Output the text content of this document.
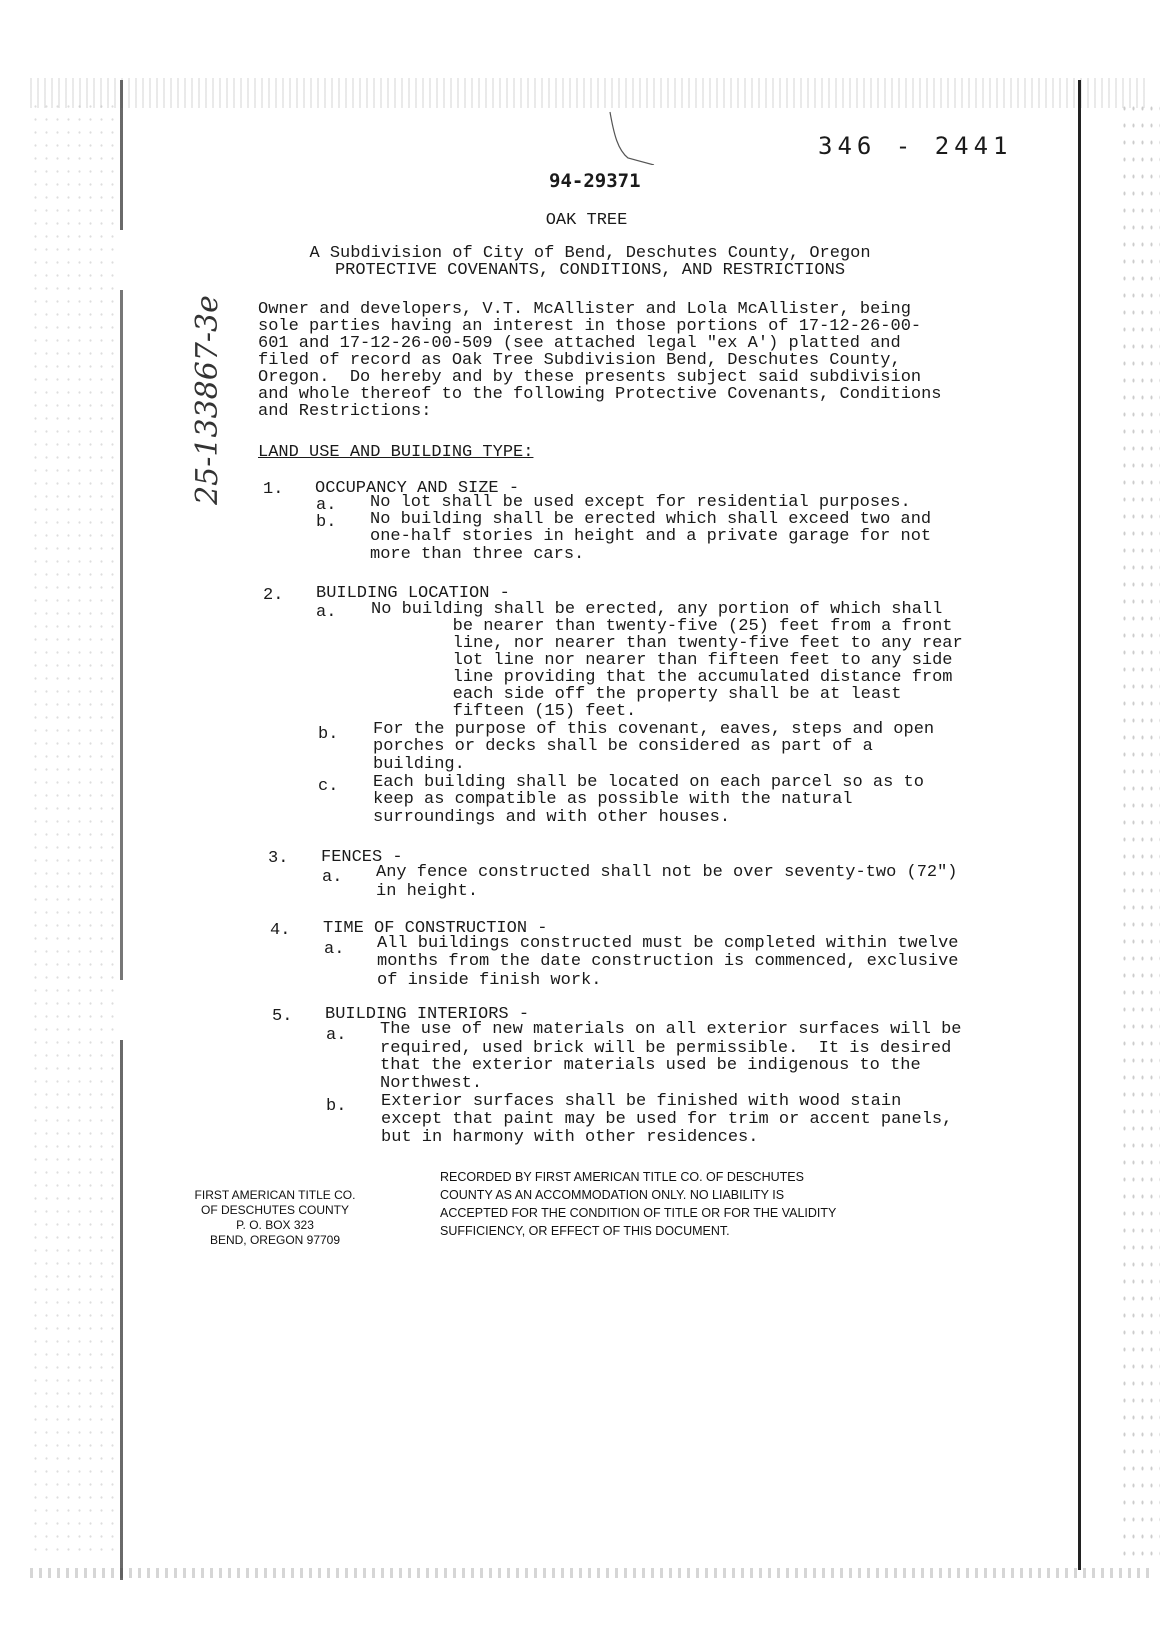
346 - 2441
94-29371
25-133867-3e
OAK TREE
A Subdivision of City of Bend, Deschutes County, Oregon
PROTECTIVE COVENANTS, CONDITIONS, AND RESTRICTIONS
Owner and developers, V.T. McAllister and Lola McAllister, being
sole parties having an interest in those portions of 17-12-26-00-
601 and 17-12-26-00-509 (see attached legal "ex A') platted and
filed of record as Oak Tree Subdivision Bend, Deschutes County,
Oregon.  Do hereby and by these presents subject said subdivision
and whole thereof to the following Protective Covenants, Conditions
and Restrictions:
LAND USE AND BUILDING TYPE:
1. OCCUPANCY AND SIZE -
a. No lot shall be used except for residential purposes.
b. No building shall be erected which shall exceed two and
one-half stories in height and a private garage for not
more than three cars.
2. BUILDING LOCATION -
a. No building shall be erected, any portion of which shall
be nearer than twenty-five (25) feet from a front
line, nor nearer than twenty-five feet to any rear
lot line nor nearer than fifteen feet to any side
line providing that the accumulated distance from
each side off the property shall be at least
fifteen (15) feet.
b. For the purpose of this covenant, eaves, steps and open
porches or decks shall be considered as part of a
building.
c. Each building shall be located on each parcel so as to
keep as compatible as possible with the natural
surroundings and with other houses.
3. FENCES -
a. Any fence constructed shall not be over seventy-two (72")
in height.
4. TIME OF CONSTRUCTION -
a. All buildings constructed must be completed within twelve
months from the date construction is commenced, exclusive
of inside finish work.
5. BUILDING INTERIORS -
a. The use of new materials on all exterior surfaces will be
required, used brick will be permissible.  It is desired
that the exterior materials used be indigenous to the
Northwest.
b. Exterior surfaces shall be finished with wood stain
except that paint may be used for trim or accent panels,
but in harmony with other residences.
FIRST AMERICAN TITLE CO.
OF DESCHUTES COUNTY
P. O. BOX 323
BEND, OREGON 97709
RECORDED BY FIRST AMERICAN TITLE CO. OF DESCHUTES
COUNTY AS AN ACCOMMODATION ONLY. NO LIABILITY IS
ACCEPTED FOR THE CONDITION OF TITLE OR FOR THE VALIDITY
SUFFICIENCY, OR EFFECT OF THIS DOCUMENT.
